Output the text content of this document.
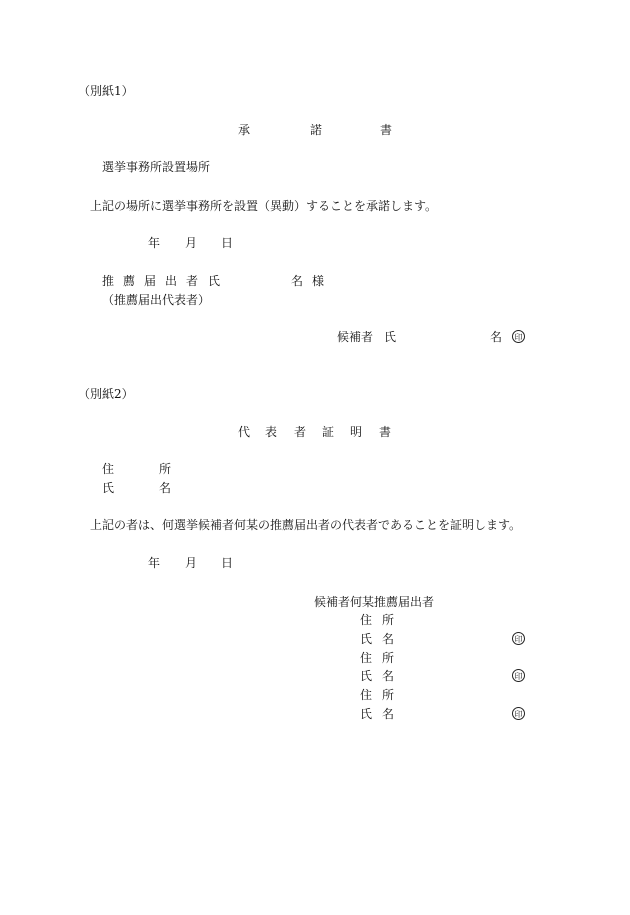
（別紙1）
承	諾	書
選挙事務所設置場所
上記の場所に選挙事務所を設置（異動）することを承諾します。
年 月 日
推 薦 届 出 者 氏	名 様
（推薦届出代表者）
候補者 氏	名	印
（別紙2）
代 表 者 証 明 書
住	所
氏	名
上記の者は、何選挙候補者何某の推薦届出者の代表者であることを証明します。
年 月 日
候補者何某推薦届出者
住 所
氏 名	印
住 所
氏 名	印
住 所
氏 名	印
